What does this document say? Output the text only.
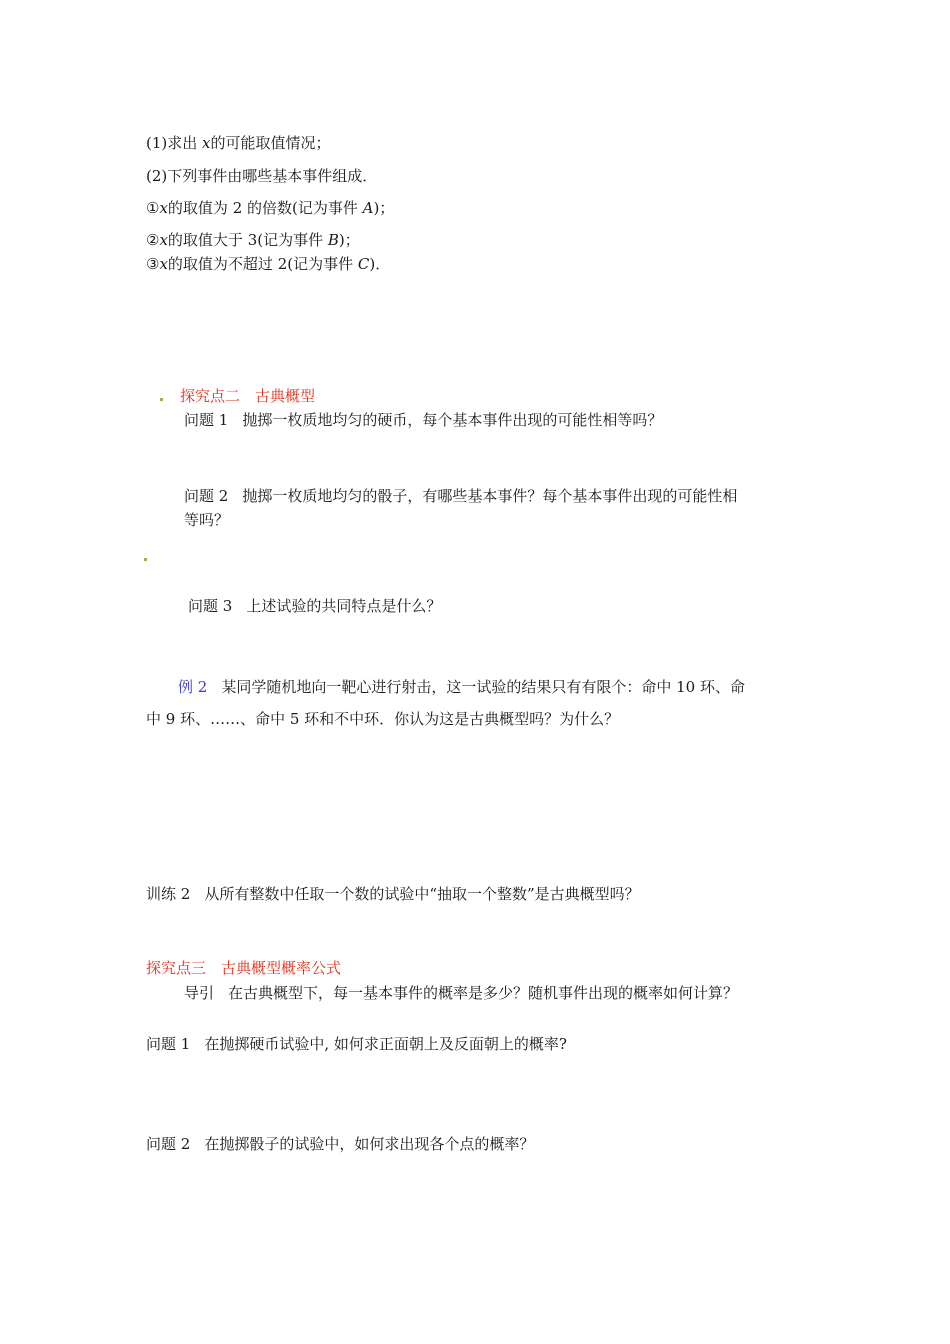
(1)求出 x的可能取值情况；
(2)下列事件由哪些基本事件组成．
①x的取值为 2 的倍数(记为事件 A)；
②x的取值大于 3(记为事件 B)；
③x的取值为不超过 2(记为事件 C)．
探究点二　古典概型
问题 1 抛掷一枚质地均匀的硬币，每个基本事件出现的可能性相等吗？
问题 2 抛掷一枚质地均匀的骰子，有哪些基本事件？每个基本事件出现的可能性相
等吗？
问题 3 上述试验的共同特点是什么？
例 2 某同学随机地向一靶心进行射击，这一试验的结果只有有限个：命中 10 环、命
中 9 环、……、命中 5 环和不中环．你认为这是古典概型吗？为什么？
训练 2 从所有整数中任取一个数的试验中“抽取一个整数”是古典概型吗？
探究点三　古典概型概率公式
导引 在古典概型下，每一基本事件的概率是多少？随机事件出现的概率如何计算？
问题 1 在抛掷硬币试验中, 如何求正面朝上及反面朝上的概率?
问题 2 在抛掷骰子的试验中，如何求出现各个点的概率？
